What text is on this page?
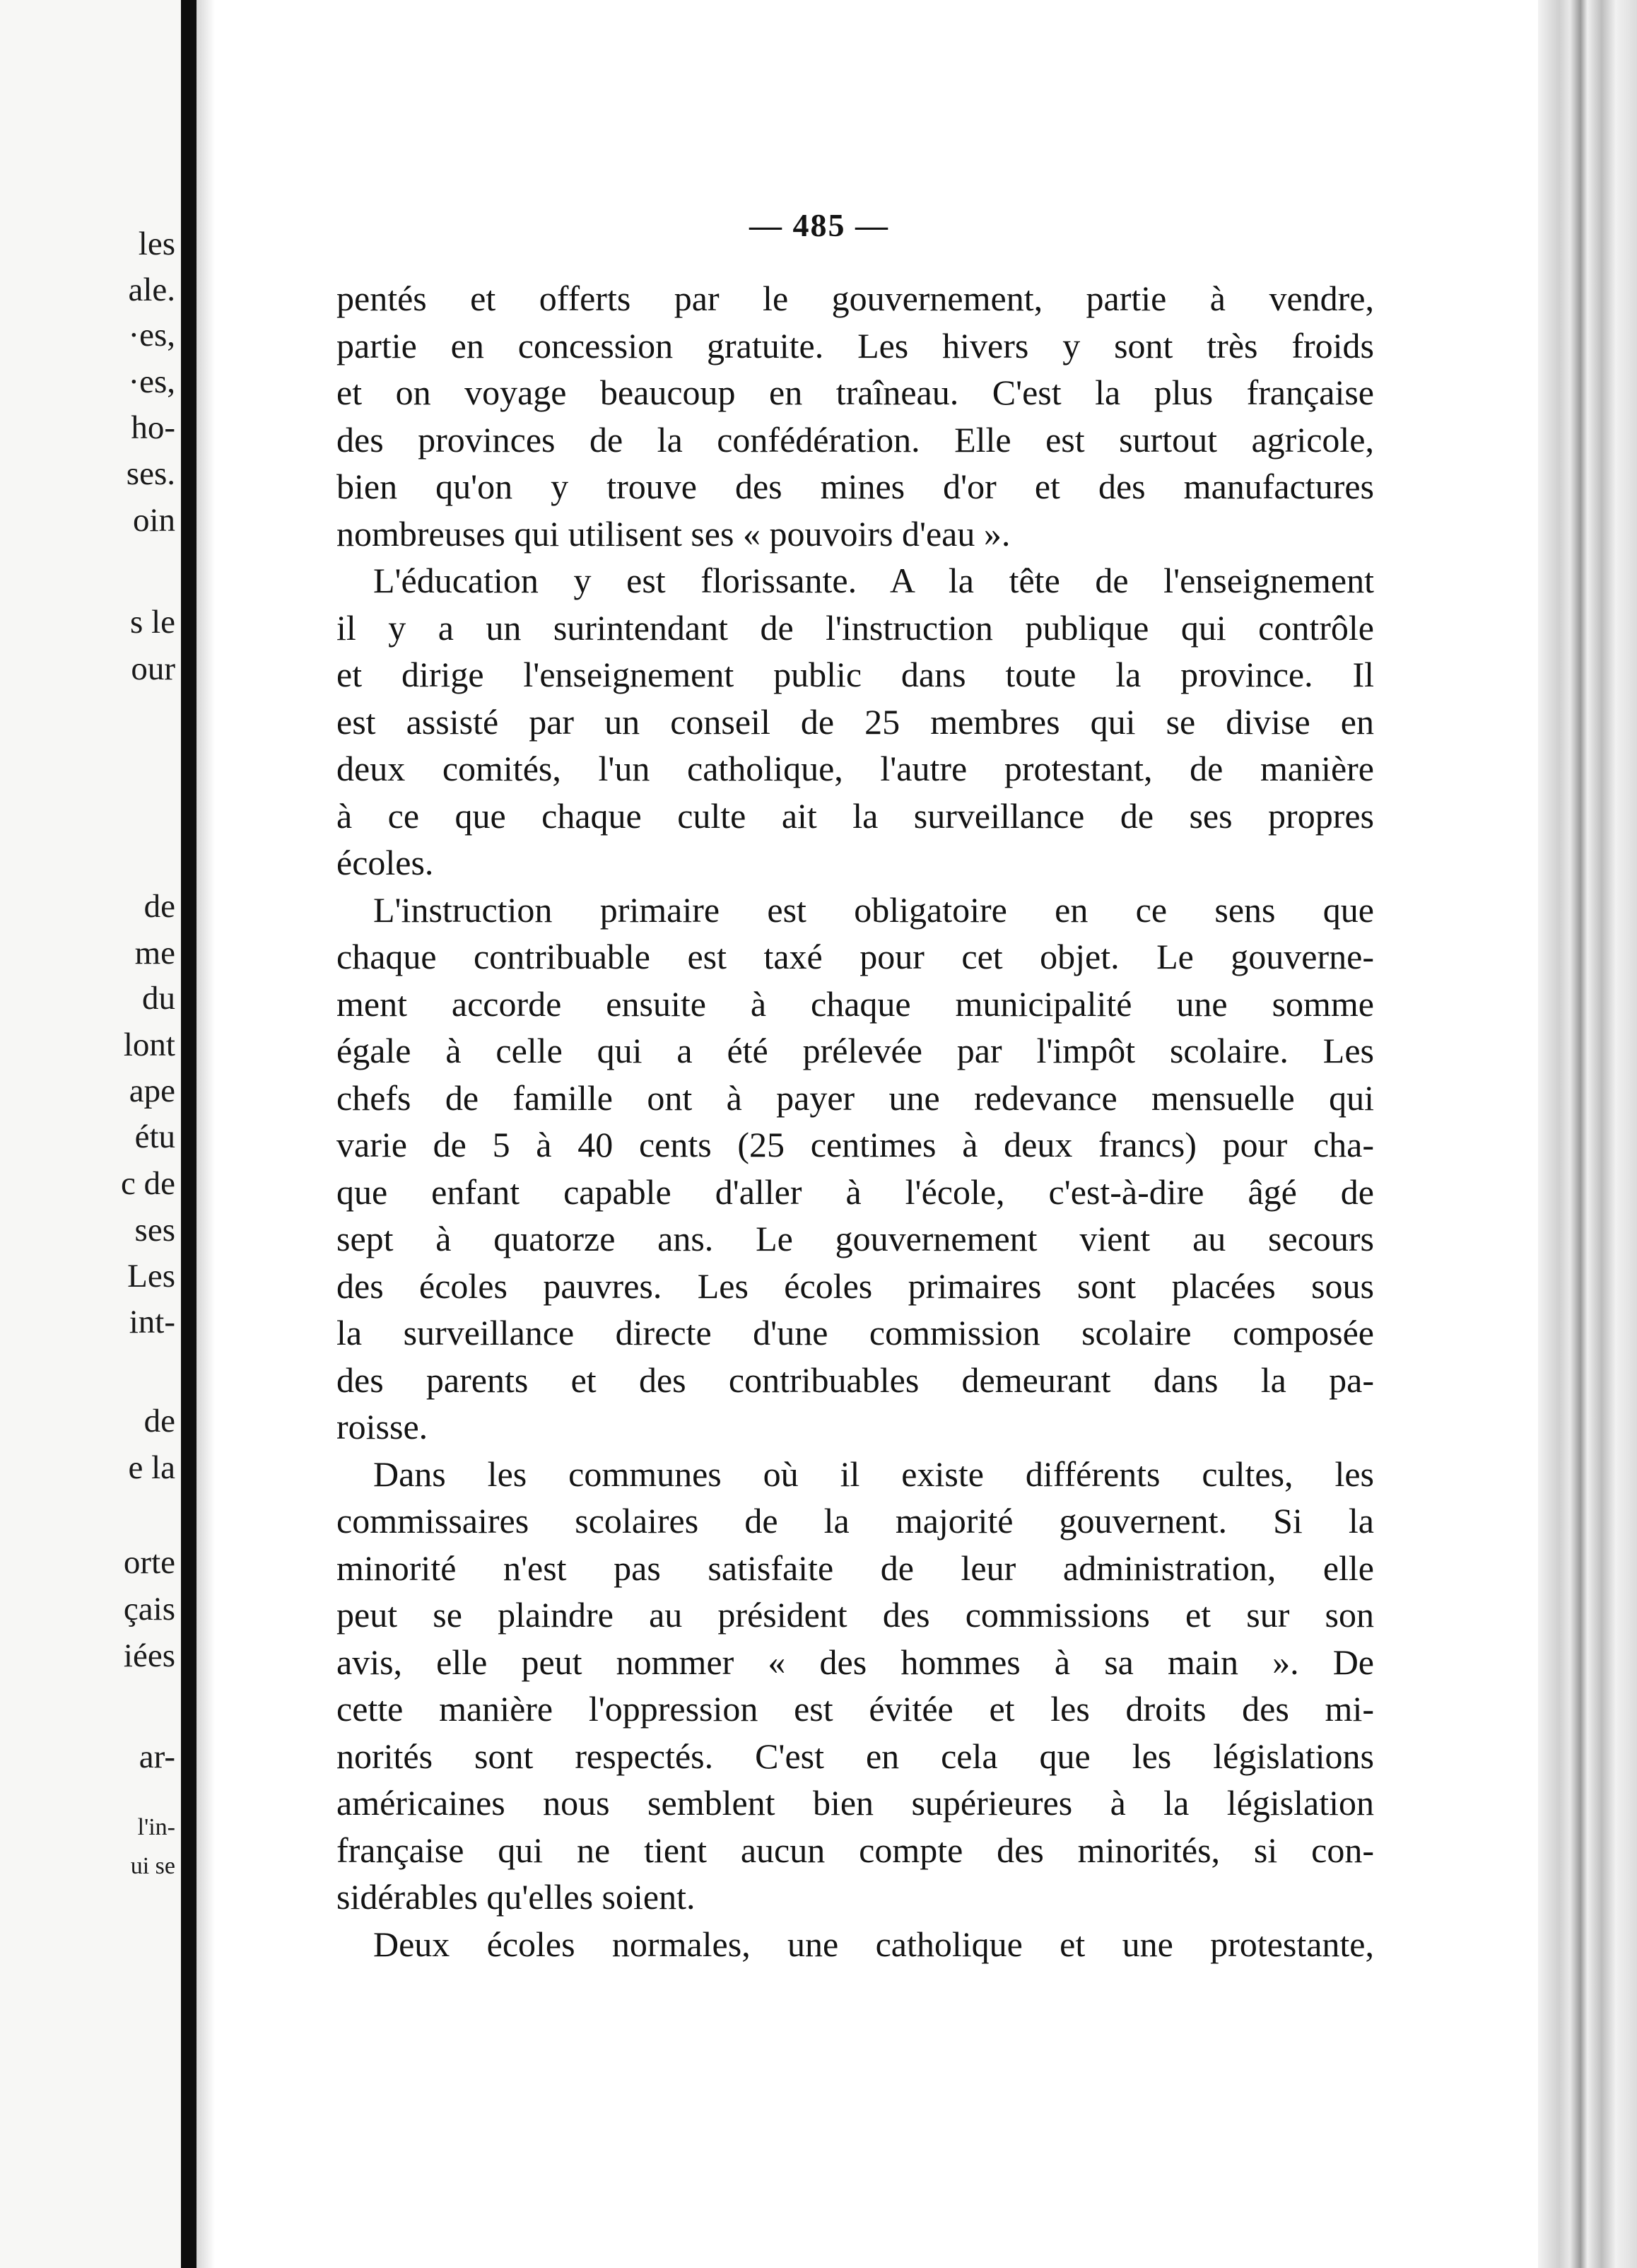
les
ale.
·es,
·es,
ho-
ses.
oin
s le
our
de
me
du
lont
ape
étu
c de
ses
Les
int-
de
e la
orte
çais
iées
ar-
l'in-
ui se
— 485 —
pentés et offerts par le gouvernement, partie à vendre,
partie en concession gratuite. Les hivers y sont très froids
et on voyage beaucoup en traîneau. C'est la plus française
des provinces de la confédération. Elle est surtout agricole,
bien qu'on y trouve des mines d'or et des manufactures
nombreuses qui utilisent ses « pouvoirs d'eau ».
L'éducation y est florissante. A la tête de l'enseignement
il y a un surintendant de l'instruction publique qui contrôle
et dirige l'enseignement public dans toute la province. Il
est assisté par un conseil de 25 membres qui se divise en
deux comités, l'un catholique, l'autre protestant, de manière
à ce que chaque culte ait la surveillance de ses propres
écoles.
L'instruction primaire est obligatoire en ce sens que
chaque contribuable est taxé pour cet objet. Le gouverne-
ment accorde ensuite à chaque municipalité une somme
égale à celle qui a été prélevée par l'impôt scolaire. Les
chefs de famille ont à payer une redevance mensuelle qui
varie de 5 à 40 cents (25 centimes à deux francs) pour cha-
que enfant capable d'aller à l'école, c'est-à-dire âgé de
sept à quatorze ans. Le gouvernement vient au secours
des écoles pauvres. Les écoles primaires sont placées sous
la surveillance directe d'une commission scolaire composée
des parents et des contribuables demeurant dans la pa-
roisse.
Dans les communes où il existe différents cultes, les
commissaires scolaires de la majorité gouvernent. Si la
minorité n'est pas satisfaite de leur administration, elle
peut se plaindre au président des commissions et sur son
avis, elle peut nommer « des hommes à sa main ». De
cette manière l'oppression est évitée et les droits des mi-
norités sont respectés. C'est en cela que les législations
américaines nous semblent bien supérieures à la législation
française qui ne tient aucun compte des minorités, si con-
sidérables qu'elles soient.
Deux écoles normales, une catholique et une protestante,
